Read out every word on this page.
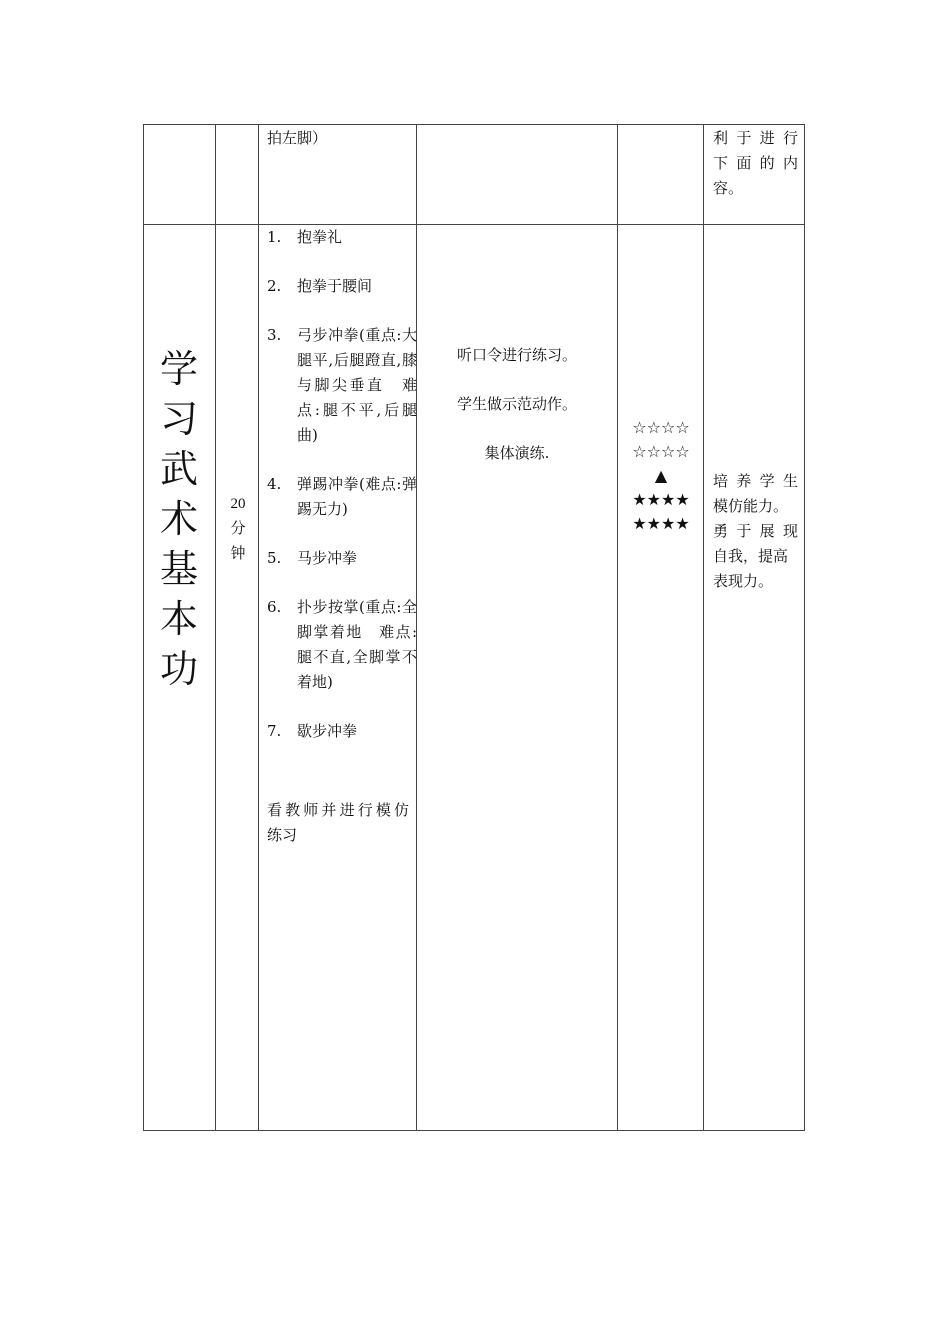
拍左脚）	利 于 进 行
下 面 的 内
容。
学
习
武
术
基
本
功
20
分
钟
1. 抱拳礼
2. 抱拳于腰间
3. 弓步冲拳(重点:大腿平,后腿蹬直,膝与脚尖垂直　难点:腿不平,后腿曲)
4. 弹踢冲拳(难点:弹踢无力)
5. 马步冲拳
6. 扑步按掌(重点:全脚掌着地　难点:腿不直,全脚掌不着地)
7. 歇步冲拳
看教师并进行模仿
练习
听口令进行练习。
学生做示范动作。
集体演练.
☆☆☆☆
☆☆☆☆
▲
★★★★
★★★★
培 养 学 生
模仿能力。
勇 于 展 现
自我，提高
表现力。
